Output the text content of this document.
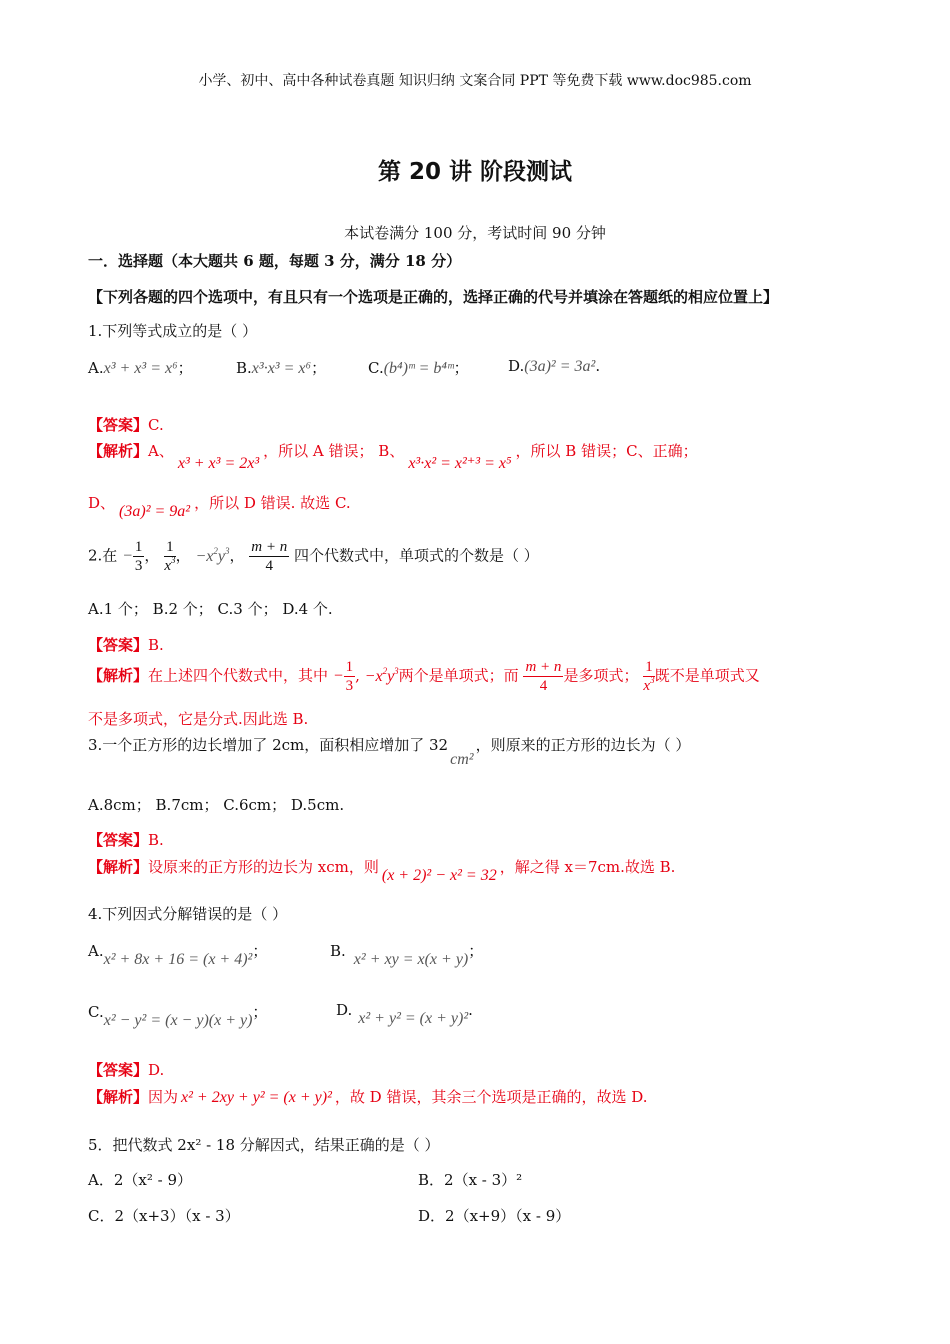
小学、初中、高中各种试卷真题 知识归纳 文案合同 PPT 等免费下载 www.doc985.com
第 20 讲 阶段测试
本试卷满分 100 分，考试时间 90 分钟
一．选择题（本大题共 6 题，每题 3 分，满分 18 分）
【下列各题的四个选项中，有且只有一个选项是正确的，选择正确的代号并填涂在答题纸的相应位置上】
1.下列等式成立的是（ ）
A.x³ + x³ = x⁶；	B.x³·x³ = x⁶；	C.(b⁴)ᵐ = b⁴ᵐ；	D.(3a)² = 3a².
【答案】C.
【解析】A、x³ + x³ = 2x³，所以 A 错误； B、x³·x² = x²⁺³ = x⁵，所以 B 错误；C、正确；
D、 (3a)² = 9a² ，所以 D 错误. 故选 C.
2.在 − $\frac{1}{3}$ ， $\frac{1}{x^3}$ ， $-x^2y^3$， $\frac{m + n}{4}$ 四个代数式中，单项式的个数是（ ）
A.1 个； B.2 个； C.3 个； D.4 个.
【答案】B.
【解析】在上述四个代数式中，其中 − $\frac{1}{3}$ , $-x^2y^3$两个是单项式；而 $\frac{m + n}{4}$ 是多项式； $\frac{1}{x^3}$ 既不是单项式又
不是多项式，它是分式.因此选 B.
3.一个正方形的边长增加了 2cm，面积相应增加了 32cm²，则原来的正方形的边长为（ ）
A.8cm； B.7cm； C.6cm； D.5cm.
【答案】B.
【解析】设原来的正方形的边长为 xcm，则 (x + 2)² − x² = 32 ，解之得 x＝7cm.故选 B.
4.下列因式分解错误的是（ ）
A.x² + 8x + 16 = (x + 4)²；	B. x² + xy = x(x + y)；
C.x² − y² = (x − y)(x + y)；	D. x² + y² = (x + y)².
【答案】D.
【解析】因为 x² + 2xy + y² = (x + y)² ，故 D 错误，其余三个选项是正确的，故选 D.
5．把代数式 2x² - 18 分解因式，结果正确的是（ ）
A．2（x² - 9）	B．2（x - 3）²
C．2（x+3）（x - 3）	D．2（x+9）（x - 9）
